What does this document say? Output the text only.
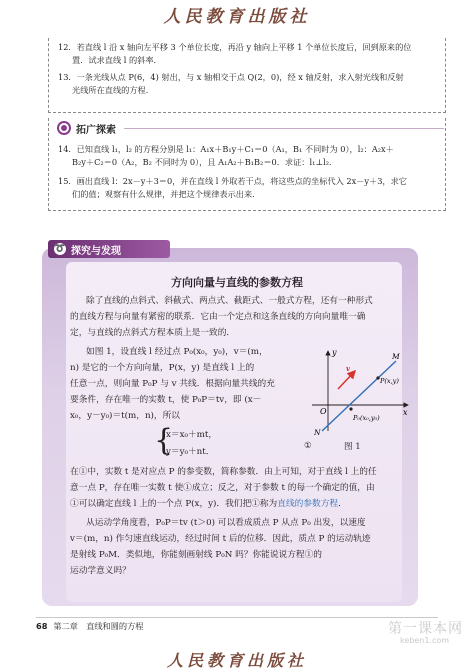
人民教育出版社
12．若直线 l 沿 x 轴向左平移 3 个单位长度，再沿 y 轴向上平移 1 个单位长度后，回到原来的位
置．试求直线 l 的斜率．
13．一条光线从点 P(6，4) 射出，与 x 轴相交于点 Q(2，0)，经 x 轴反射，求入射光线和反射
光线所在直线的方程．
拓广探索
14．已知直线 l₁，l₂ 的方程分别是 l₁：A₁x＋B₁y＋C₁＝0（A₁，B₁ 不同时为 0），l₂：A₂x＋
B₂y＋C₂＝0（A₂，B₂ 不同时为 0），且 A₁A₂＋B₁B₂＝0．求证：l₁⊥l₂．
15．画出直线 l：2x－y＋3＝0，并在直线 l 外取若干点，将这些点的坐标代入 2x－y＋3，求它
们的值；观察有什么规律，并把这个规律表示出来．
➰ 探究与发现
方向向量与直线的参数方程
除了直线的点斜式、斜截式、两点式、截距式、一般式方程，还有一种形式
的直线方程与向量有紧密的联系．它由一个定点和这条直线的方向向量唯一确
定，与直线的点斜式方程本质上是一致的．
如图 1，设直线 l 经过点 P₀(x₀，y₀)，v＝(m，
n) 是它的一个方向向量，P(x，y) 是直线 l 上的
任意一点，则向量 P₀P 与 v 共线．根据向量共线的充
要条件，存在唯一的实数 t，使 P₀P＝tv，即 (x－
x₀，y－y₀)＝t(m，n)，所以
{
x＝x₀＋mt，
y＝y₀＋nt．
①
y
x
O
v
M
N
P(x,y)
P₀(x₀,y₀)
图 1
在①中，实数 t 是对应点 P 的参变数，简称参数．由上可知，对于直线 l 上的任
意一点 P，存在唯一实数 t 使①成立；反之，对于参数 t 的每一个确定的值，由
①可以确定直线 l 上的一个点 P(x，y)．我们把①称为直线的参数方程．
从运动学角度看，P₀P＝tv (t＞0) 可以看成质点 P 从点 P₀ 出发，以速度
v＝(m，n) 作匀速直线运动，经过时间 t 后的位移．因此，质点 P 的运动轨迹
是射线 P₀M．类似地，你能刻画射线 P₀N 吗？你能说说方程①的
运动学意义吗？
68 第二章　直线和圆的方程	第一课本网
keben1.com
人民教育出版社
